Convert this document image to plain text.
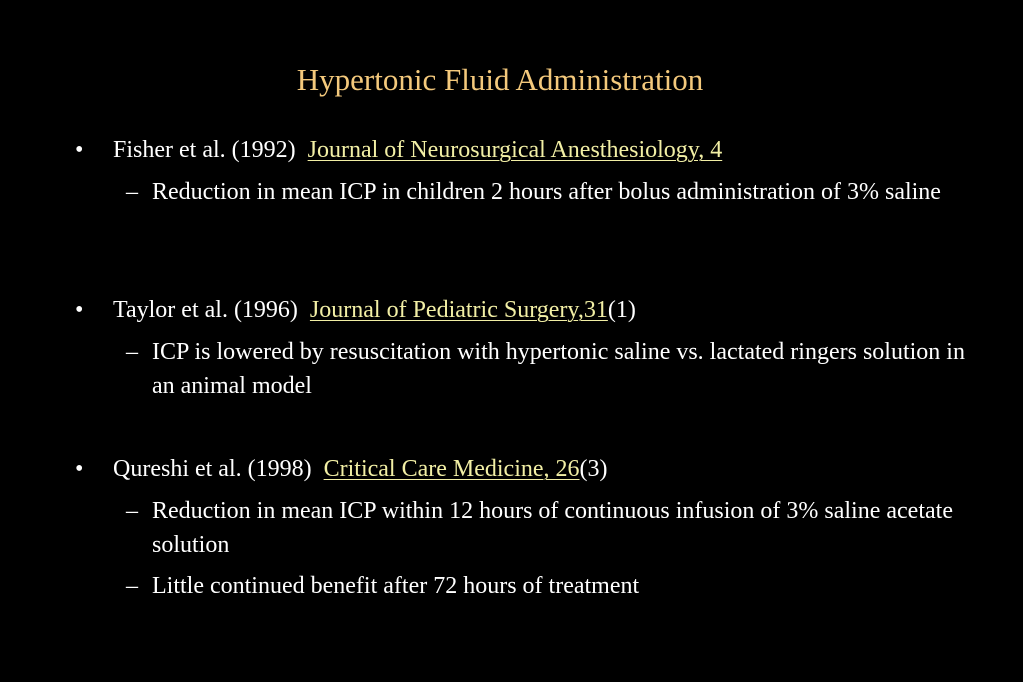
Hypertonic Fluid Administration
• Fisher et al. (1992) Journal of Neurosurgical Anesthesiology, 4
– Reduction in mean ICP in children 2 hours after bolus administration of 3% saline
• Taylor et al. (1996) Journal of Pediatric Surgery,31(1)
– ICP is lowered by resuscitation with hypertonic saline vs. lactated ringers solution in an animal model
• Qureshi et al. (1998) Critical Care Medicine, 26(3)
– Reduction in mean ICP within 12 hours of continuous infusion of 3% saline acetate solution
– Little continued benefit after 72 hours of treatment
